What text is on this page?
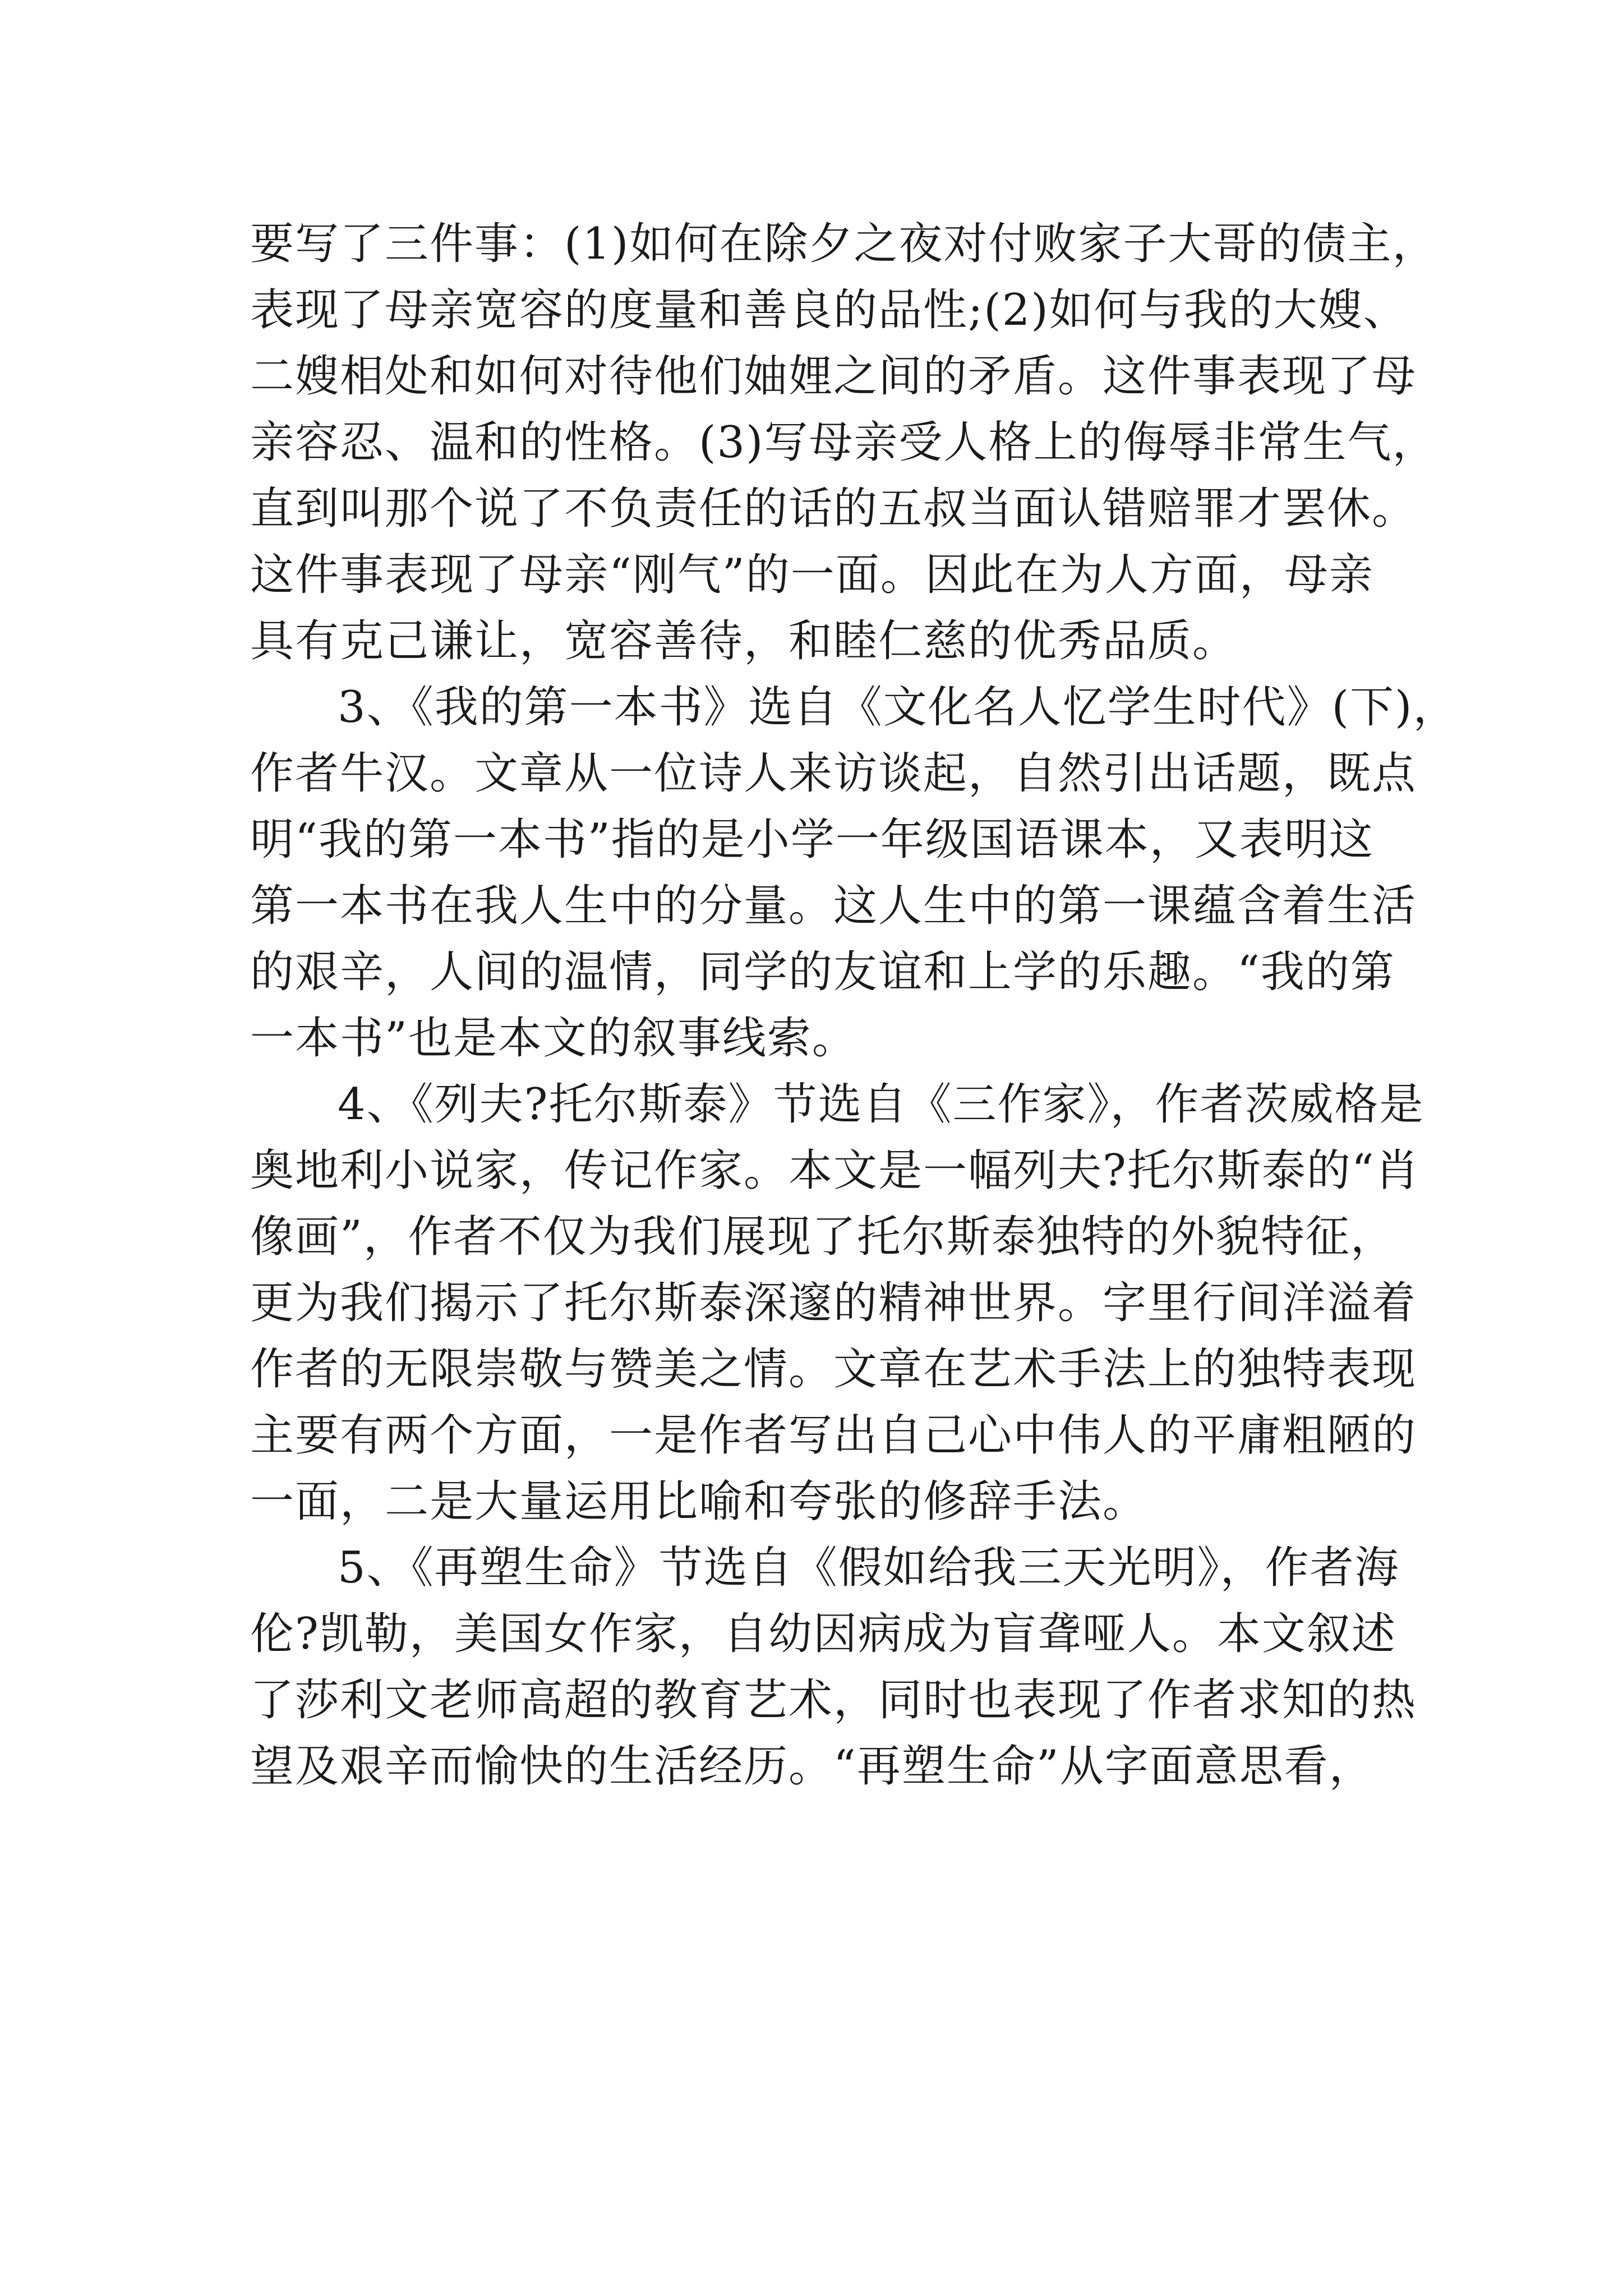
要写了三件事：(1)如何在除夕之夜对付败家子大哥的债主，
表现了母亲宽容的度量和善良的品性;(2)如何与我的大嫂、
二嫂相处和如何对待他们妯娌之间的矛盾。这件事表现了母
亲容忍、温和的性格。(3)写母亲受人格上的侮辱非常生气，
直到叫那个说了不负责任的话的五叔当面认错赔罪才罢休。
这件事表现了母亲“刚气”的一面。因此在为人方面，母亲
具有克己谦让，宽容善待，和睦仁慈的优秀品质。
3、《我的第一本书》选自《文化名人忆学生时代》(下)，
作者牛汉。文章从一位诗人来访谈起，自然引出话题，既点
明“我的第一本书”指的是小学一年级国语课本，又表明这
第一本书在我人生中的分量。这人生中的第一课蕴含着生活
的艰辛，人间的温情，同学的友谊和上学的乐趣。“我的第
一本书”也是本文的叙事线索。
4、《列夫?托尔斯泰》节选自《三作家》，作者茨威格是
奥地利小说家，传记作家。本文是一幅列夫?托尔斯泰的“肖
像画”，作者不仅为我们展现了托尔斯泰独特的外貌特征，
更为我们揭示了托尔斯泰深邃的精神世界。字里行间洋溢着
作者的无限崇敬与赞美之情。文章在艺术手法上的独特表现
主要有两个方面，一是作者写出自己心中伟人的平庸粗陋的
一面，二是大量运用比喻和夸张的修辞手法。
5、《再塑生命》节选自《假如给我三天光明》，作者海
伦?凯勒，美国女作家，自幼因病成为盲聋哑人。本文叙述
了莎利文老师高超的教育艺术，同时也表现了作者求知的热
望及艰辛而愉快的生活经历。“再塑生命”从字面意思看，
